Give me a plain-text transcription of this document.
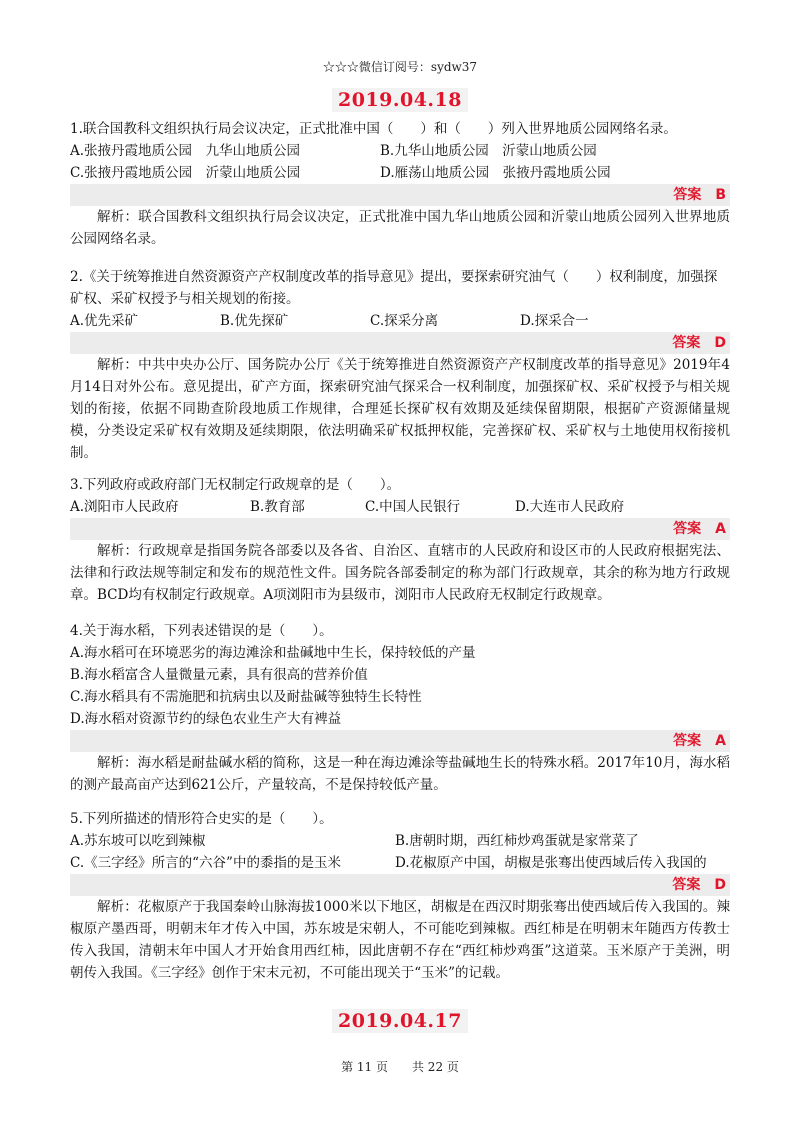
☆☆☆微信订阅号：sydw37
2019.04.18
1.联合国教科文组织执行局会议决定，正式批准中国（　　）和（　　）列入世界地质公园网络名录。
A.张掖丹霞地质公园　九华山地质公园	B.九华山地质公园　沂蒙山地质公园
C.张掖丹霞地质公园　沂蒙山地质公园	D.雁荡山地质公园　张掖丹霞地质公园
答案 B
解析：联合国教科文组织执行局会议决定，正式批准中国九华山地质公园和沂蒙山地质公园列入世界地质公园网络名录。
2.《关于统筹推进自然资源资产产权制度改革的指导意见》提出，要探索研究油气（　　）权利制度，加强探矿权、采矿权授予与相关规划的衔接。
A.优先采矿	B.优先探矿	C.探采分离	D.探采合一
答案 D
解析：中共中央办公厅、国务院办公厅《关于统筹推进自然资源资产产权制度改革的指导意见》2019年4月14日对外公布。意见提出，矿产方面，探索研究油气探采合一权利制度，加强探矿权、采矿权授予与相关规划的衔接，依据不同勘查阶段地质工作规律，合理延长探矿权有效期及延续保留期限，根据矿产资源储量规模，分类设定采矿权有效期及延续期限，依法明确采矿权抵押权能，完善探矿权、采矿权与土地使用权衔接机制。
3.下列政府或政府部门无权制定行政规章的是（　　）。
A.浏阳市人民政府	B.教育部	C.中国人民银行	D.大连市人民政府
答案 A
解析：行政规章是指国务院各部委以及各省、自治区、直辖市的人民政府和设区市的人民政府根据宪法、法律和行政法规等制定和发布的规范性文件。国务院各部委制定的称为部门行政规章，其余的称为地方行政规章。BCD均有权制定行政规章。A项浏阳市为县级市，浏阳市人民政府无权制定行政规章。
4.关于海水稻，下列表述错误的是（　　）。
A.海水稻可在环境恶劣的海边滩涂和盐碱地中生长，保持较低的产量
B.海水稻富含人量微量元素，具有很高的营养价值
C.海水稻具有不需施肥和抗病虫以及耐盐碱等独特生长特性
D.海水稻对资源节约的绿色农业生产大有裨益
答案 A
解析：海水稻是耐盐碱水稻的简称，这是一种在海边滩涂等盐碱地生长的特殊水稻。2017年10月，海水稻的测产最高亩产达到621公斤，产量较高，不是保持较低产量。
5.下列所描述的情形符合史实的是（　　）。
A.苏东坡可以吃到辣椒	B.唐朝时期，西红柿炒鸡蛋就是家常菜了
C.《三字经》所言的“六谷”中的黍指的是玉米	D.花椒原产中国，胡椒是张骞出使西域后传入我国的
答案 D
解析：花椒原产于我国秦岭山脉海拔1000米以下地区，胡椒是在西汉时期张骞出使西域后传入我国的。辣椒原产墨西哥，明朝末年才传入中国，苏东坡是宋朝人，不可能吃到辣椒。西红柿是在明朝末年随西方传教士传入我国，清朝末年中国人才开始食用西红柿，因此唐朝不存在“西红柿炒鸡蛋”这道菜。玉米原产于美洲，明朝传入我国。《三字经》创作于宋末元初，不可能出现关于“玉米”的记载。
2019.04.17
第 11 页　　共 22 页
